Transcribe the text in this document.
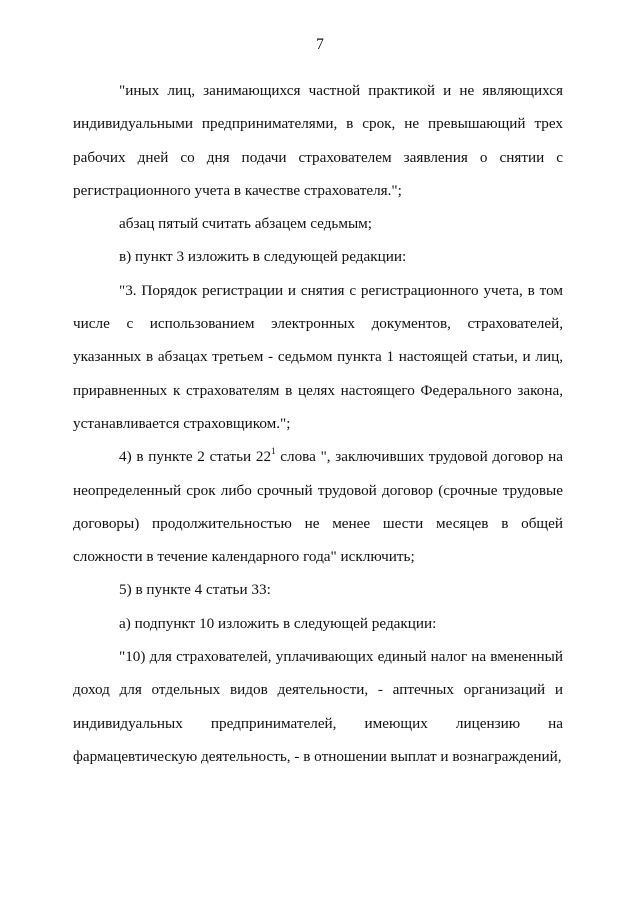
7

"иных лиц, занимающихся частной практикой и не являющихся индивидуальными предпринимателями, в срок, не превышающий трех рабочих дней со дня подачи страхователем заявления о снятии с регистрационного учета в качестве страхователя.";

абзац пятый считать абзацем седьмым;

в) пункт 3 изложить в следующей редакции:

"3. Порядок регистрации и снятия с регистрационного учета, в том числе с использованием электронных документов, страхователей, указанных в абзацах третьем - седьмом пункта 1 настоящей статьи, и лиц, приравненных к страхователям в целях настоящего Федерального закона, устанавливается страховщиком.";

4) в пункте 2 статьи $22^1$ слова ", заключивших трудовой договор на неопределенный срок либо срочный трудовой договор (срочные трудовые договоры) продолжительностью не менее шести месяцев в общей сложности в течение календарного года" исключить;

5) в пункте 4 статьи 33:

а) подпункт 10 изложить в следующей редакции:

"10) для страхователей, уплачивающих единый налог на вмененный доход для отдельных видов деятельности, - аптечных организаций и индивидуальных предпринимателей, имеющих лицензию на фармацевтическую деятельность, - в отношении выплат и вознаграждений,
